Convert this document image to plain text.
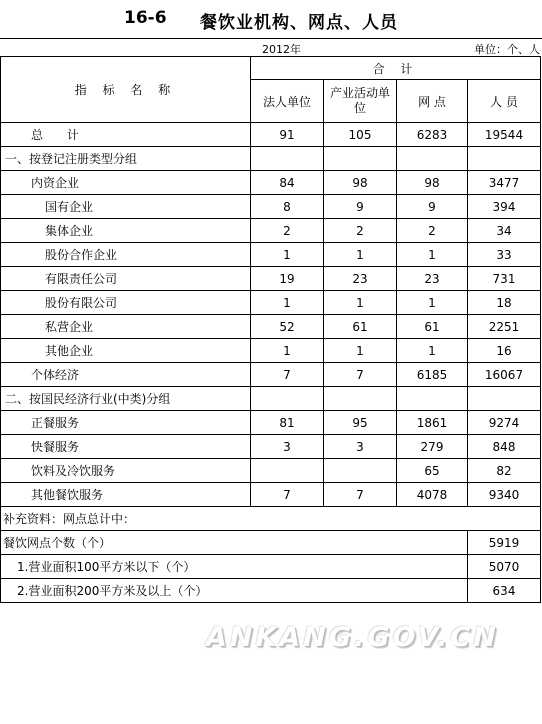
16-6 餐饮业机构、网点、人员
2012年	单位：个、人
指 标 名 称	合 计			
	法人单位	产业活动单位	网 点	人 员
总 计	91	105	6283	19544
一、按登记注册类型分组				
内资企业	84	98	98	3477
国有企业	8	9	9	394
集体企业	2	2	2	34
股份合作企业	1	1	1	33
有限责任公司	19	23	23	731
股份有限公司	1	1	1	18
私营企业	52	61	61	2251
其他企业	1	1	1	16
个体经济	7	7	6185	16067
二、按国民经济行业(中类)分组				
正餐服务	81	95	1861	9274
快餐服务	3	3	279	848
饮料及冷饮服务			65	82
其他餐饮服务	7	7	4078	9340
补充资料：网点总计中：				
餐饮网点个数（个）				5919
1.营业面积100平方米以下（个）				5070
2.营业面积200平方米及以上（个）				634
ANKANG.GOV.CN
